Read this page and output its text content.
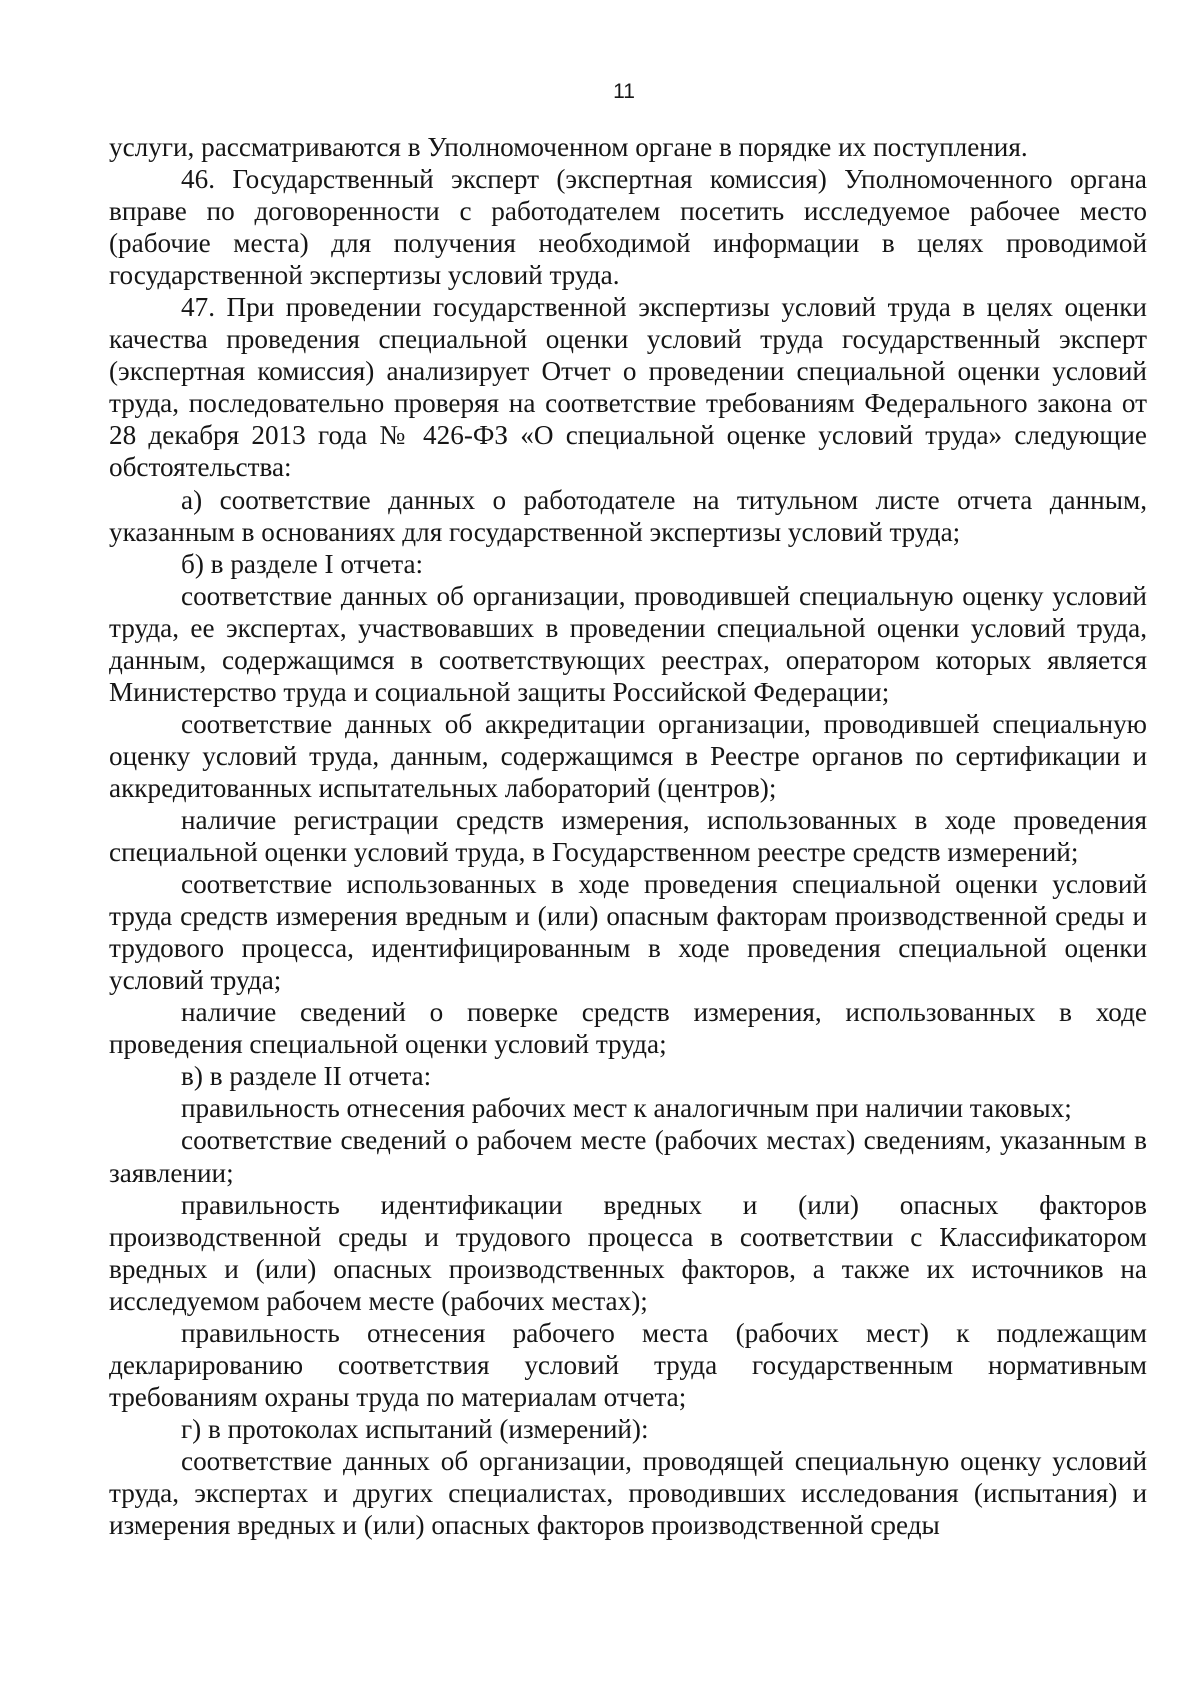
11

услуги, рассматриваются в Уполномоченном органе в порядке их поступления.

46. Государственный эксперт (экспертная комиссия) Уполномоченного органа вправе по договоренности с работодателем посетить исследуемое рабочее место (рабочие места) для получения необходимой информации в целях проводимой государственной экспертизы условий труда.

47. При проведении государственной экспертизы условий труда в целях оценки качества проведения специальной оценки условий труда государственный эксперт (экспертная комиссия) анализирует Отчет о проведении специальной оценки условий труда, последовательно проверяя на соответствие требованиям Федерального закона от 28 декабря 2013 года № 426-ФЗ «О специальной оценке условий труда» следующие обстоятельства:

а) соответствие данных о работодателе на титульном листе отчета данным, указанным в основаниях для государственной экспертизы условий труда;

б) в разделе I отчета:

соответствие данных об организации, проводившей специальную оценку условий труда, ее экспертах, участвовавших в проведении специальной оценки условий труда, данным, содержащимся в соответствующих реестрах, оператором которых является Министерство труда и социальной защиты Российской Федерации;

соответствие данных об аккредитации организации, проводившей специальную оценку условий труда, данным, содержащимся в Реестре органов по сертификации и аккредитованных испытательных лабораторий (центров);

наличие регистрации средств измерения, использованных в ходе проведения специальной оценки условий труда, в Государственном реестре средств измерений;

соответствие использованных в ходе проведения специальной оценки условий труда средств измерения вредным и (или) опасным факторам производственной среды и трудового процесса, идентифицированным в ходе проведения специальной оценки условий труда;

наличие сведений о поверке средств измерения, использованных в ходе проведения специальной оценки условий труда;

в) в разделе II отчета:

правильность отнесения рабочих мест к аналогичным при наличии таковых;

соответствие сведений о рабочем месте (рабочих местах) сведениям, указанным в заявлении;

правильность идентификации вредных и (или) опасных факторов производственной среды и трудового процесса в соответствии с Классификатором вредных и (или) опасных производственных факторов, а также их источников на исследуемом рабочем месте (рабочих местах);

правильность отнесения рабочего места (рабочих мест) к подлежащим декларированию соответствия условий труда государственным нормативным требованиям охраны труда по материалам отчета;

г) в протоколах испытаний (измерений):

соответствие данных об организации, проводящей специальную оценку условий труда, экспертах и других специалистах, проводивших исследования (испытания) и измерения вредных и (или) опасных факторов производственной среды
